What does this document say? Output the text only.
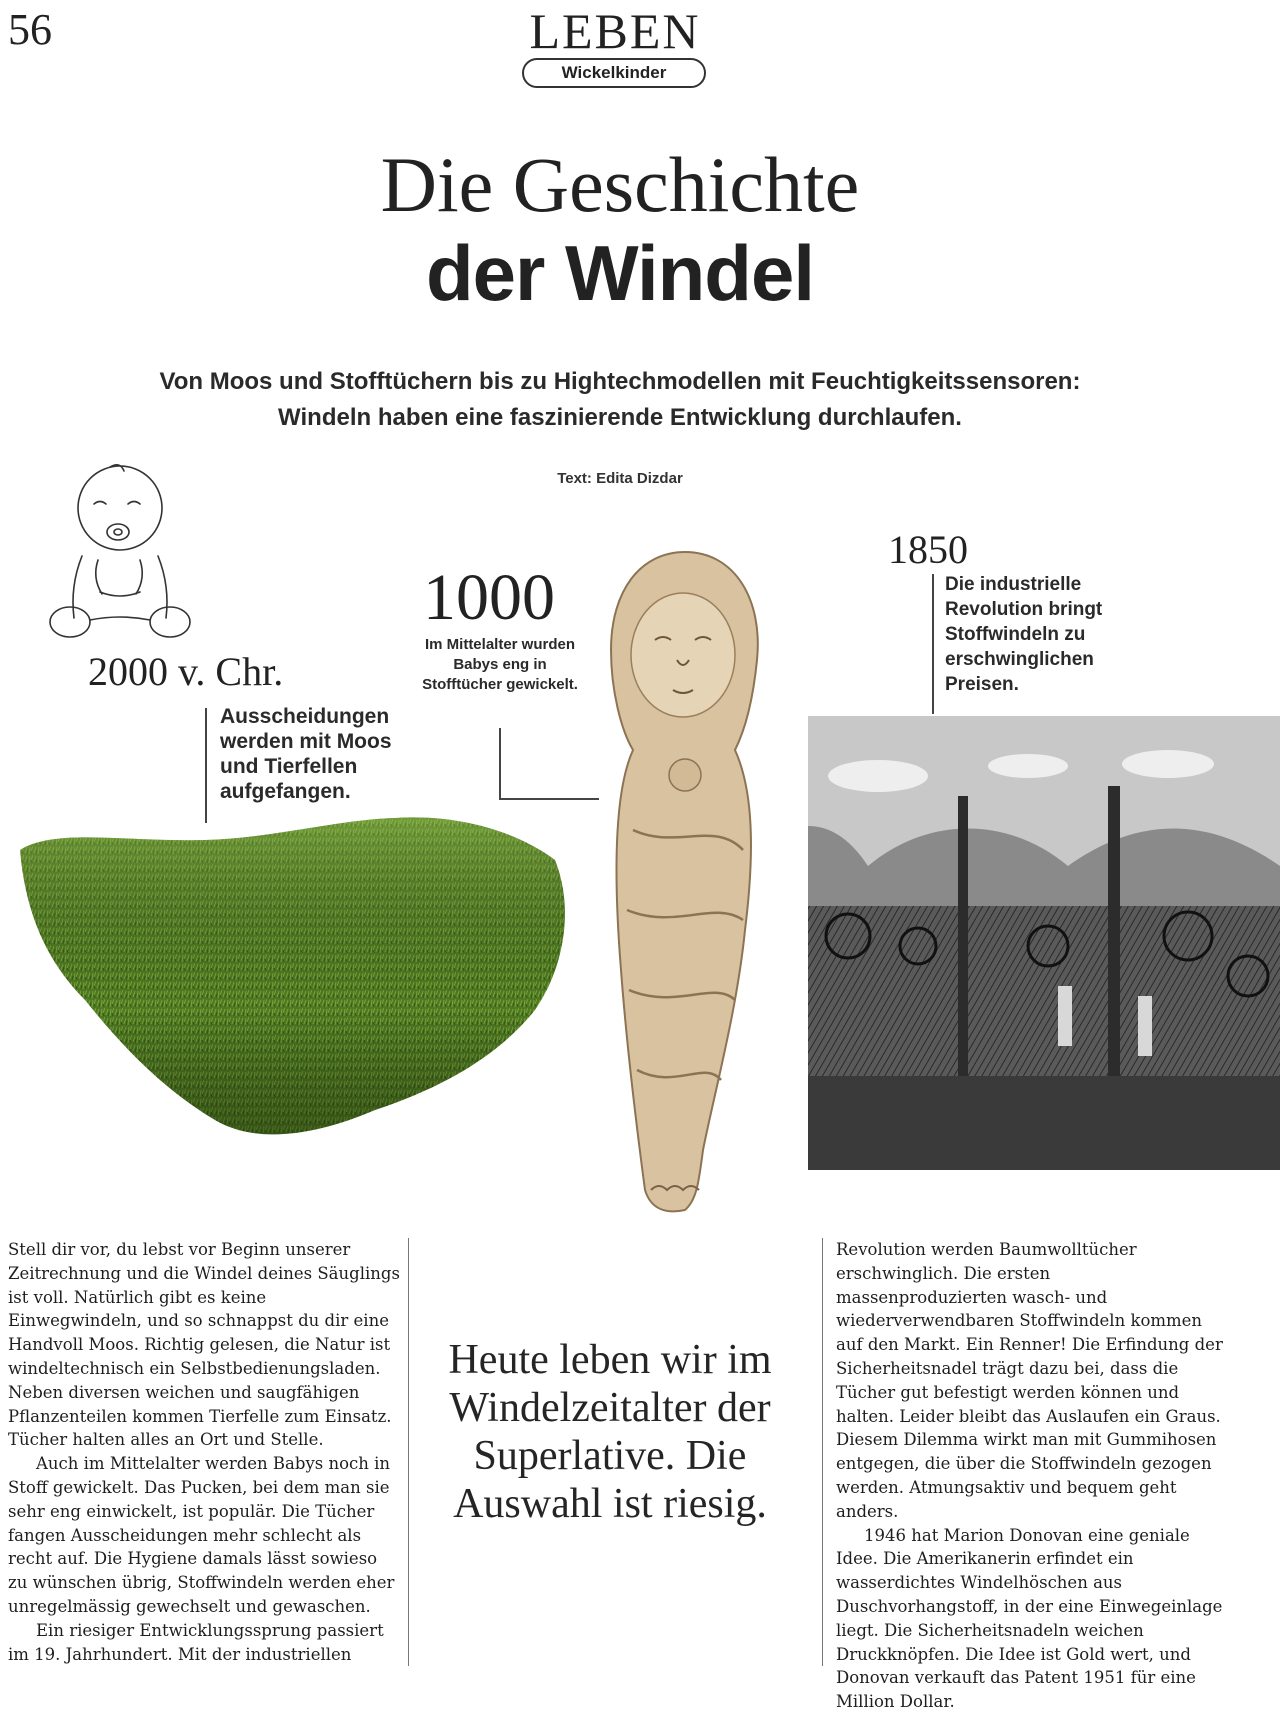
56	LEBEN
Wickelkinder
Die Geschichte
der Windel
Von Moos und Stofftüchern bis zu Hightechmodellen mit Feuchtigkeitssensoren:
Windeln haben eine faszinierende Entwicklung durchlaufen.
Text: Edita Dizdar
2000 v. Chr.
Ausscheidungen werden mit Moos und Tierfellen aufgefangen.
1000
Im Mittelalter wurden Babys eng in Stofftücher gewickelt.
1850
Die industrielle Revolution bringt Stoffwindeln zu erschwinglichen Preisen.

Stell dir vor, du lebst vor Beginn unserer Zeitrechnung und die Windel deines Säuglings ist voll. Natürlich gibt es keine Einwegwindeln, und so schnappst du dir eine Handvoll Moos. Richtig gelesen, die Natur ist windeltechnisch ein Selbstbedienungsladen. Neben diversen weichen und saugfähigen Pflanzenteilen kommen Tierfelle zum Einsatz. Tücher halten alles an Ort und Stelle.

Auch im Mittelalter werden Babys noch in Stoff gewickelt. Das Pucken, bei dem man sie sehr eng einwickelt, ist populär. Die Tücher fangen Ausscheidungen mehr schlecht als recht auf. Die Hygiene damals lässt sowieso zu wünschen übrig, Stoffwindeln werden eher unregelmässig gewechselt und gewaschen.

Ein riesiger Entwicklungssprung passiert im 19. Jahrhundert. Mit der industriellen

Heute leben wir im Windelzeitalter der Superlative. Die Auswahl ist riesig.

Revolution werden Baumwolltücher erschwinglich. Die ersten massenproduzierten wasch- und wiederverwendbaren Stoffwindeln kommen auf den Markt. Ein Renner! Die Erfindung der Sicherheitsnadel trägt dazu bei, dass die Tücher gut befestigt werden können und halten. Leider bleibt das Auslaufen ein Graus. Diesem Dilemma wirkt man mit Gummihosen entgegen, die über die Stoffwindeln gezogen werden. Atmungsaktiv und bequem geht anders.

1946 hat Marion Donovan eine geniale Idee. Die Amerikanerin erfindet ein wasserdichtes Windelhöschen aus Duschvorhangstoff, in der eine Einwegeinlage liegt. Die Sicherheitsnadeln weichen Druckknöpfen. Die Idee ist Gold wert, und Donovan verkauft das Patent 1951 für eine Million Dollar.
